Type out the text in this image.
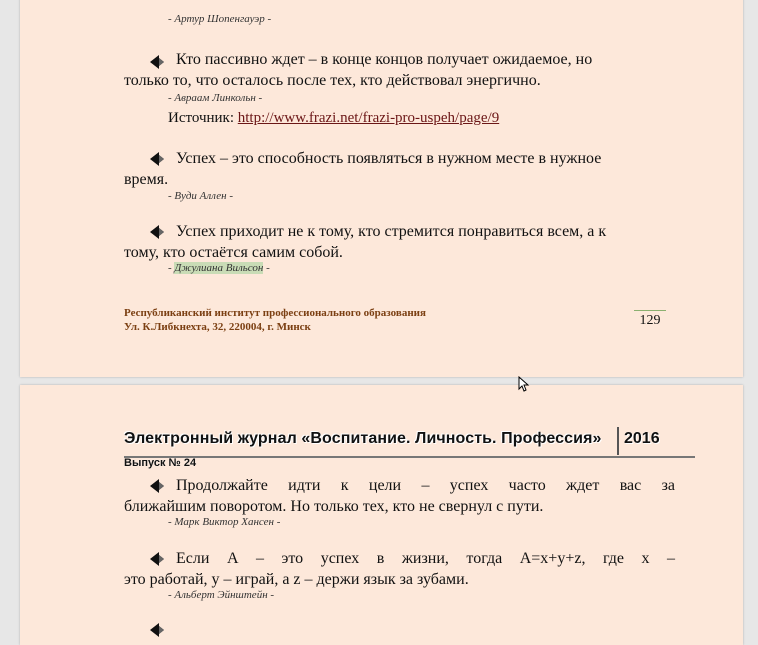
- Артур Шопенгауэр -
Кто пассивно ждет – в конце концов получает ожидаемое, но
только то, что осталось после тех, кто действовал энергично.
- Авраам Линкольн -
Источник: http://www.frazi.net/frazi-pro-uspeh/page/9
Успех – это способность появляться в нужном месте в нужное
время.
- Вуди Аллен -
Успех приходит не к тому, кто стремится понравиться всем, а к
тому, кто остаётся самим собой.
- Джулиана Вильсон -
Республиканский институт профессионального образования
Ул. К.Либкнехта, 32, 220004, г. Минск	129
Электронный журнал «Воспитание. Личность. Профессия» 2016
Выпуск № 24
Продолжайте идти к цели – успех часто ждет вас за
ближайшим поворотом. Но только тех, кто не свернул с пути.
- Марк Виктор Хансен -
Если А – это успех в жизни, тогда A=x+y+z, где x –
это работай, y – играй, а z – держи язык за зубами.
- Альберт Эйнштейн -
